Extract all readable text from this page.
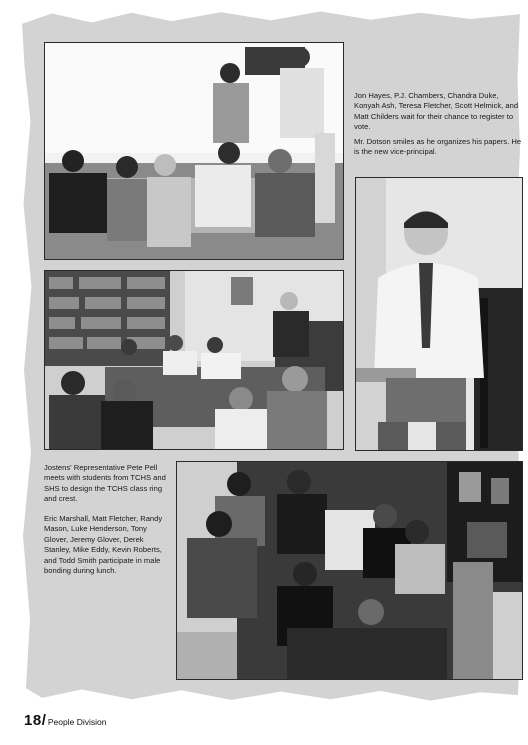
Jon Hayes, P.J. Chambers, Chandra Duke, Konyah Ash, Teresa Fletcher, Scott Helmick, and Matt Childers wait for their chance to register to vote.

Mr. Dotson smiles as he organizes his papers. He is the new vice-principal.

Jostens' Representative Pete Pell meets with students from TCHS and SHS to design the TCHS class ring and crest.

Eric Marshall, Matt Fletcher, Randy Mason, Luke Henderson, Tony Glover, Jeremy Glover, Derek Stanley, Mike Eddy, Kevin Roberts, and Todd Smith participate in male bonding during lunch.

18/ People Division
